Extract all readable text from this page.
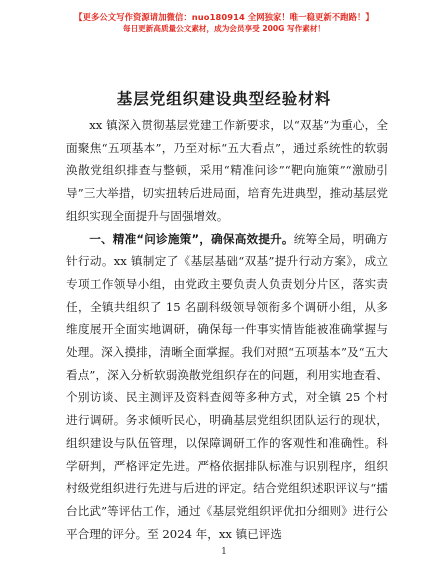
【更多公文写作资源请加微信：nuo180914 全网独家！唯一稳更新不跑路！】
每日更新高质量公文素材，成为会员享受 200G 写作素材！
基层党组织建设典型经验材料

xx 镇深入贯彻基层党建工作新要求，以“双基”为重心，全面聚焦“五项基本”，乃至对标“五大看点”，通过系统性的软弱涣散党组织排查与整顿，采用“精准问诊”“靶向施策”“激励引导”三大举措，切实扭转后进局面，培育先进典型，推动基层党组织实现全面提升与固强增效。

一、精准“问诊施策”，确保高效提升。统筹全局，明确方针行动。xx 镇制定了《基层基础“双基”提升行动方案》，成立专项工作领导小组，由党政主要负责人负责划分片区，落实责任，全镇共组织了 15 名副科级领导领衔多个调研小组，从多维度展开全面实地调研，确保每一件事实情皆能被准确掌握与处理。深入摸排，清晰全面掌握。我们对照“五项基本”及“五大看点”，深入分析软弱涣散党组织存在的问题，利用实地查看、个别访谈、民主测评及资料查阅等多种方式，对全镇 25 个村进行调研。务求倾听民心，明确基层党组织团队运行的现状，组织建设与队伍管理，以保障调研工作的客观性和准确性。科学研判，严格评定先进。严格依据排队标准与识别程序，组织村级党组织进行先进与后进的评定。结合党组织述职评议与“擂台比武”等评估工作，通过《基层党组织评优扣分细则》进行公平合理的评分。至 2024 年，xx 镇已评选

1
